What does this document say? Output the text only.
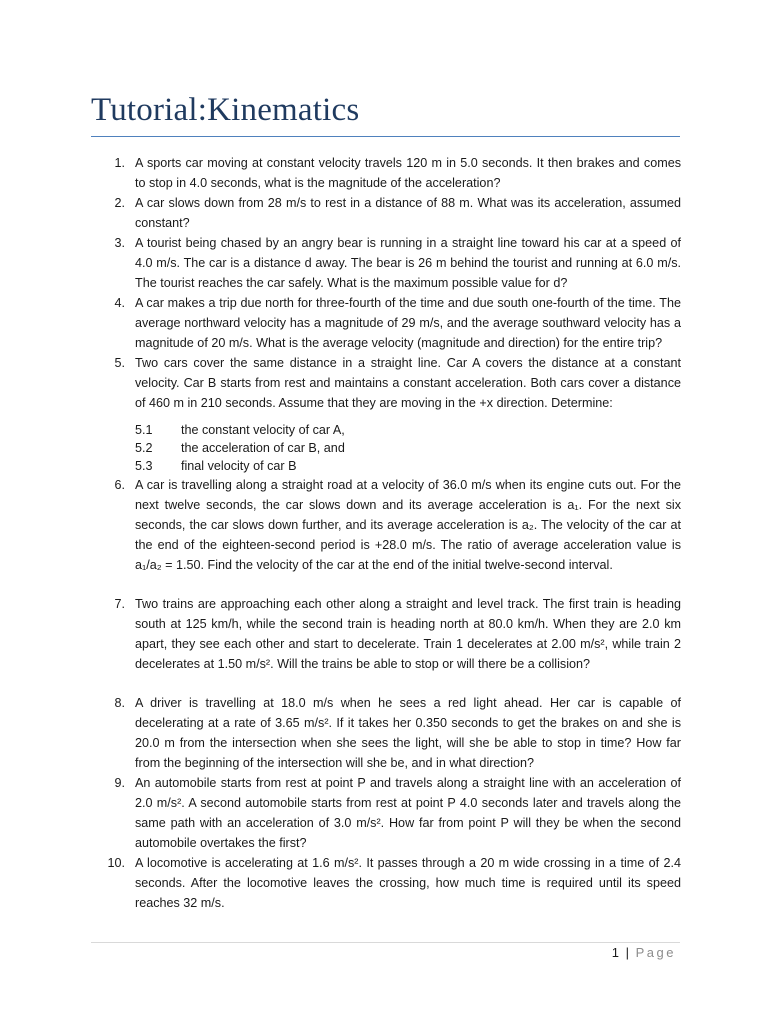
Tutorial:Kinematics
1. A sports car moving at constant velocity travels 120 m in 5.0 seconds. It then brakes and comes to stop in 4.0 seconds, what is the magnitude of the acceleration?
2. A car slows down from 28 m/s to rest in a distance of 88 m. What was its acceleration, assumed constant?
3. A tourist being chased by an angry bear is running in a straight line toward his car at a speed of 4.0 m/s. The car is a distance d away. The bear is 26 m behind the tourist and running at 6.0 m/s. The tourist reaches the car safely. What is the maximum possible value for d?
4. A car makes a trip due north for three-fourth of the time and due south one-fourth of the time. The average northward velocity has a magnitude of 29 m/s, and the average southward velocity has a magnitude of 20 m/s. What is the average velocity (magnitude and direction) for the entire trip?
5. Two cars cover the same distance in a straight line. Car A covers the distance at a constant velocity. Car B starts from rest and maintains a constant acceleration. Both cars cover a distance of 460 m in 210 seconds. Assume that they are moving in the +x direction. Determine:
5.1	the constant velocity of car A,
5.2	the acceleration of car B, and
5.3	final velocity of car B
6. A car is travelling along a straight road at a velocity of 36.0 m/s when its engine cuts out. For the next twelve seconds, the car slows down and its average acceleration is a₁. For the next six seconds, the car slows down further, and its average acceleration is a₂. The velocity of the car at the end of the eighteen-second period is +28.0 m/s. The ratio of average acceleration value is a₁/a₂ = 1.50. Find the velocity of the car at the end of the initial twelve-second interval.
7. Two trains are approaching each other along a straight and level track. The first train is heading south at 125 km/h, while the second train is heading north at 80.0 km/h. When they are 2.0 km apart, they see each other and start to decelerate. Train 1 decelerates at 2.00 m/s², while train 2 decelerates at 1.50 m/s². Will the trains be able to stop or will there be a collision?
8. A driver is travelling at 18.0 m/s when he sees a red light ahead. Her car is capable of decelerating at a rate of 3.65 m/s². If it takes her 0.350 seconds to get the brakes on and she is 20.0 m from the intersection when she sees the light, will she be able to stop in time? How far from the beginning of the intersection will she be, and in what direction?
9. An automobile starts from rest at point P and travels along a straight line with an acceleration of 2.0 m/s². A second automobile starts from rest at point P 4.0 seconds later and travels along the same path with an acceleration of 3.0 m/s². How far from point P will they be when the second automobile overtakes the first?
10. A locomotive is accelerating at 1.6 m/s². It passes through a 20 m wide crossing in a time of 2.4 seconds. After the locomotive leaves the crossing, how much time is required until its speed reaches 32 m/s.
1 | Page
